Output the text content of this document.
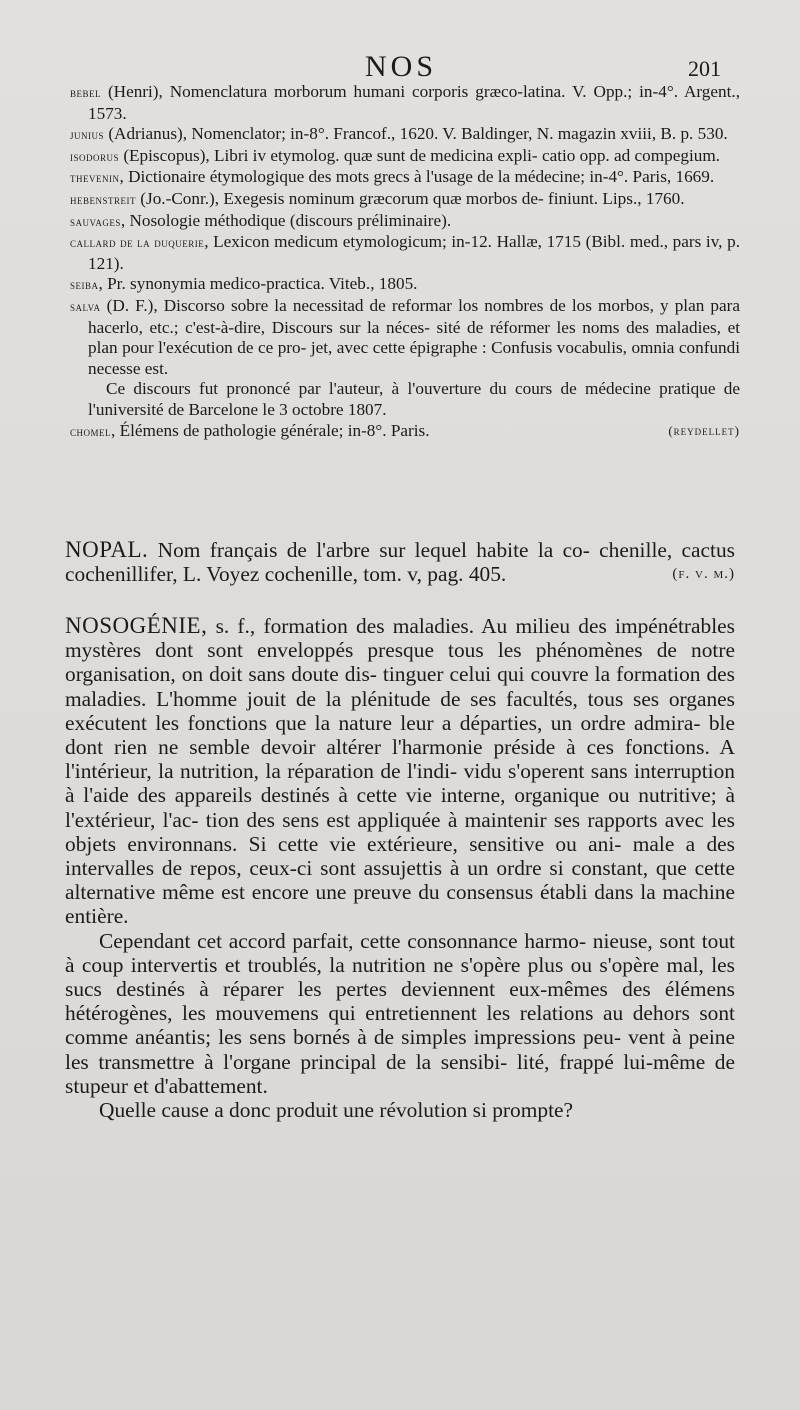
NOS	201

bebel (Henri), Nomenclatura morborum humani corporis græco-latina. V. Opp.; in-4°. Argent., 1573.

junius (Adrianus), Nomenclator; in-8°. Francof., 1620. V. Baldinger, N. magazin xviii, B. p. 530.

isodorus (Episcopus), Libri iv etymolog. quæ sunt de medicina expli- catio opp. ad compegium.

thevenin, Dictionaire étymologique des mots grecs à l'usage de la médecine; in-4°. Paris, 1669.

hebenstreit (Jo.-Conr.), Exegesis nominum græcorum quæ morbos de- finiunt. Lips., 1760.

sauvages, Nosologie méthodique (discours préliminaire).

callard de la duquerie, Lexicon medicum etymologicum; in-12. Hallæ, 1715 (Bibl. med., pars iv, p. 121).

seiba, Pr. synonymia medico-practica. Viteb., 1805.

salva (D. F.), Discorso sobre la necessitad de reformar los nombres de los morbos, y plan para hacerlo, etc.; c'est-à-dire, Discours sur la néces- sité de réformer les noms des maladies, et plan pour l'exécution de ce pro- jet, avec cette épigraphe : Confusis vocabulis, omnia confundi necesse est.

Ce discours fut prononcé par l'auteur, à l'ouverture du cours de médecine pratique de l'université de Barcelone le 3 octobre 1807.

chomel, Élémens de pathologie générale; in-8°. Paris.	(reydellet)

NOPAL. Nom français de l'arbre sur lequel habite la co- chenille, cactus cochenillifer, L. Voyez cochenille, tom. v, pag. 405.	(f. v. m.)

NOSOGÉNIE, s. f., formation des maladies. Au milieu des impénétrables mystères dont sont enveloppés presque tous les phénomènes de notre organisation, on doit sans doute dis- tinguer celui qui couvre la formation des maladies. L'homme jouit de la plénitude de ses facultés, tous ses organes exécutent les fonctions que la nature leur a départies, un ordre admira- ble dont rien ne semble devoir altérer l'harmonie préside à ces fonctions. A l'intérieur, la nutrition, la réparation de l'indi- vidu s'operent sans interruption à l'aide des appareils destinés à cette vie interne, organique ou nutritive; à l'extérieur, l'ac- tion des sens est appliquée à maintenir ses rapports avec les objets environnans. Si cette vie extérieure, sensitive ou ani- male a des intervalles de repos, ceux-ci sont assujettis à un ordre si constant, que cette alternative même est encore une preuve du consensus établi dans la machine entière.

Cependant cet accord parfait, cette consonnance harmo- nieuse, sont tout à coup intervertis et troublés, la nutrition ne s'opère plus ou s'opère mal, les sucs destinés à réparer les pertes deviennent eux-mêmes des élémens hétérogènes, les mouvemens qui entretiennent les relations au dehors sont comme anéantis; les sens bornés à de simples impressions peu- vent à peine les transmettre à l'organe principal de la sensibi- lité, frappé lui-même de stupeur et d'abattement.

Quelle cause a donc produit une révolution si prompte?
